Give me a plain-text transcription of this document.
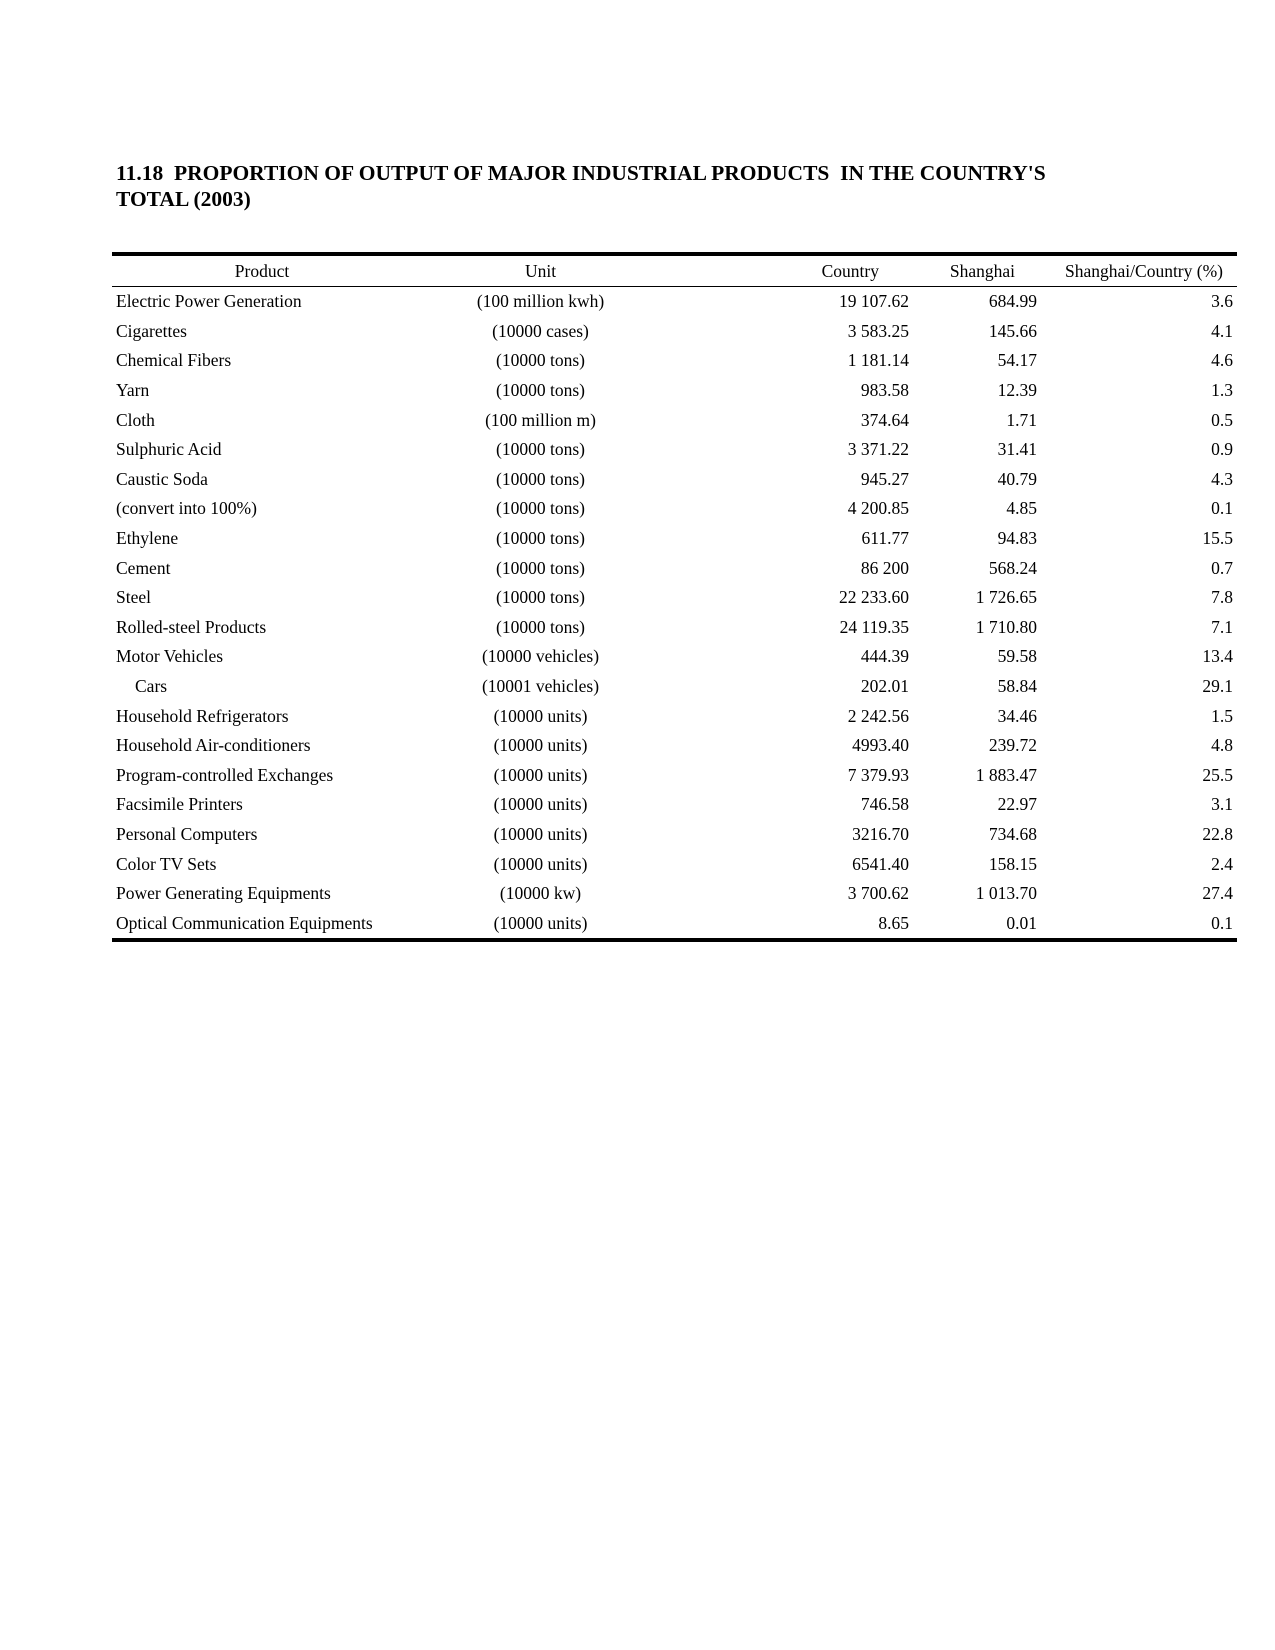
11.18  PROPORTION OF OUTPUT OF MAJOR INDUSTRIAL PRODUCTS  IN THE COUNTRY'S
TOTAL (2003)
Product	Unit	Country	Shanghai	Shanghai/Country (%)
Electric Power Generation	(100 million kwh)	19 107.62	684.99	3.6
Cigarettes	(10000 cases)	3 583.25	145.66	4.1
Chemical Fibers	(10000 tons)	1 181.14	54.17	4.6
Yarn	(10000 tons)	983.58	12.39	1.3
Cloth	(100 million m)	374.64	1.71	0.5
Sulphuric Acid	(10000 tons)	3 371.22	31.41	0.9
Caustic Soda	(10000 tons)	945.27	40.79	4.3
(convert into 100%)	(10000 tons)	4 200.85	4.85	0.1
Ethylene	(10000 tons)	611.77	94.83	15.5
Cement	(10000 tons)	86 200	568.24	0.7
Steel	(10000 tons)	22 233.60	1 726.65	7.8
Rolled-steel Products	(10000 tons)	24 119.35	1 710.80	7.1
Motor Vehicles	(10000 vehicles)	444.39	59.58	13.4
Cars	(10001 vehicles)	202.01	58.84	29.1
Household Refrigerators	(10000 units)	2 242.56	34.46	1.5
Household Air-conditioners	(10000 units)	4993.40	239.72	4.8
Program-controlled Exchanges	(10000 units)	7 379.93	1 883.47	25.5
Facsimile Printers	(10000 units)	746.58	22.97	3.1
Personal Computers	(10000 units)	3216.70	734.68	22.8
Color TV Sets	(10000 units)	6541.40	158.15	2.4
Power Generating Equipments	(10000 kw)	3 700.62	1 013.70	27.4
Optical Communication Equipments	(10000 units)	8.65	0.01	0.1
